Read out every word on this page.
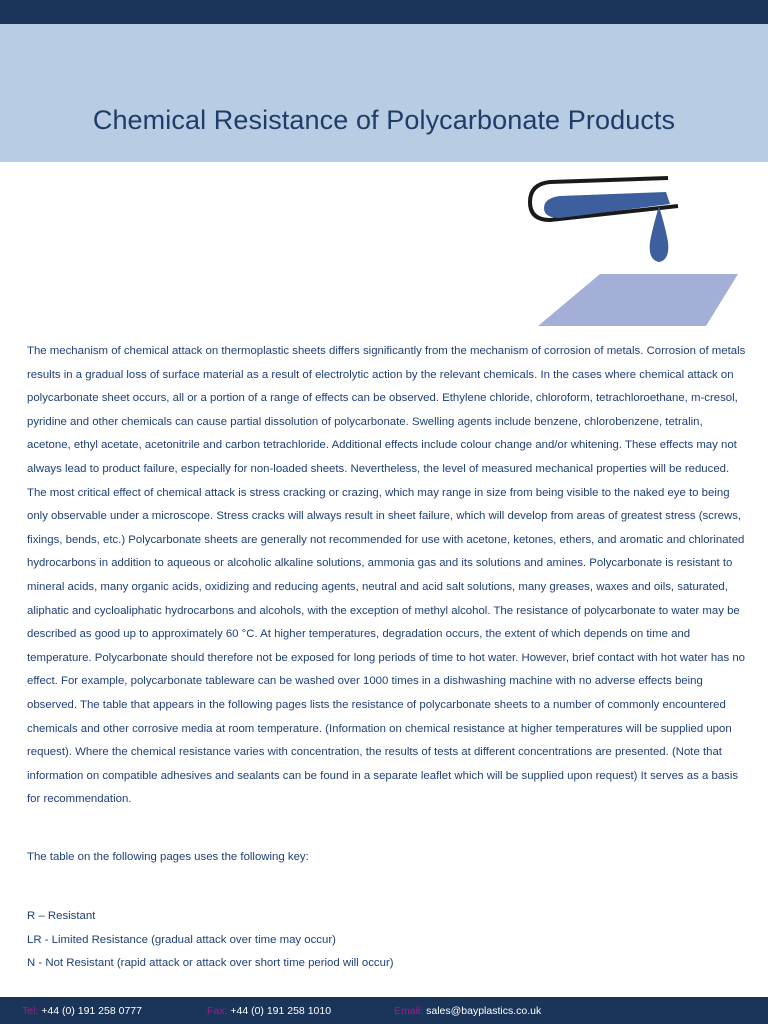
Chemical Resistance of Polycarbonate Products

The mechanism of chemical attack on thermoplastic sheets differs significantly from the mechanism of corrosion of metals. Corrosion of metals results in a gradual loss of surface material as a result of electrolytic action by the relevant chemicals. In the cases where chemical attack on polycarbonate sheet occurs, all or a portion of a range of effects can be observed. Ethylene chloride, chloroform, tetrachloroethane, m-cresol, pyridine and other chemicals can cause partial dissolution of polycarbonate. Swelling agents include benzene, chlorobenzene, tetralin, acetone, ethyl acetate, acetonitrile and carbon tetrachloride. Additional effects include colour change and/or whitening. These effects may not always lead to product failure, especially for non-loaded sheets. Nevertheless, the level of measured mechanical properties will be reduced. The most critical effect of chemical attack is stress cracking or crazing, which may range in size from being visible to the naked eye to being only observable under a microscope. Stress cracks will always result in sheet failure, which will develop from areas of greatest stress (screws, fixings, bends, etc.) Polycarbonate sheets are generally not recommended for use with acetone, ketones, ethers, and aromatic and chlorinated hydrocarbons in addition to aqueous or alcoholic alkaline solutions, ammonia gas and its solutions and amines. Polycarbonate is resistant to mineral acids, many organic acids, oxidizing and reducing agents, neutral and acid salt solutions, many greases, waxes and oils, saturated, aliphatic and cycloaliphatic hydrocarbons and alcohols, with the exception of methyl alcohol. The resistance of polycarbonate to water may be described as good up to approximately 60 °C. At higher temperatures, degradation occurs, the extent of which depends on time and temperature. Polycarbonate should therefore not be exposed for long periods of time to hot water. However, brief contact with hot water has no effect. For example, polycarbonate tableware can be washed over 1000 times in a dishwashing machine with no adverse effects being observed. The table that appears in the following pages lists the resistance of polycarbonate sheets to a number of commonly encountered chemicals and other corrosive media at room temperature. (Information on chemical resistance at higher temperatures will be supplied upon request). Where the chemical resistance varies with concentration, the results of tests at different concentrations are presented. (Note that information on compatible adhesives and sealants can be found in a separate leaflet which will be supplied upon request) It serves as a basis for recommendation.

The table on the following pages uses the following key:

R – Resistant
LR - Limited Resistance (gradual attack over time may occur)
N - Not Resistant (rapid attack or attack over short time period will occur)
Tel: +44 (0) 191 258 0777	Fax: +44 (0) 191 258 1010	Email: sales@bayplastics.co.uk
